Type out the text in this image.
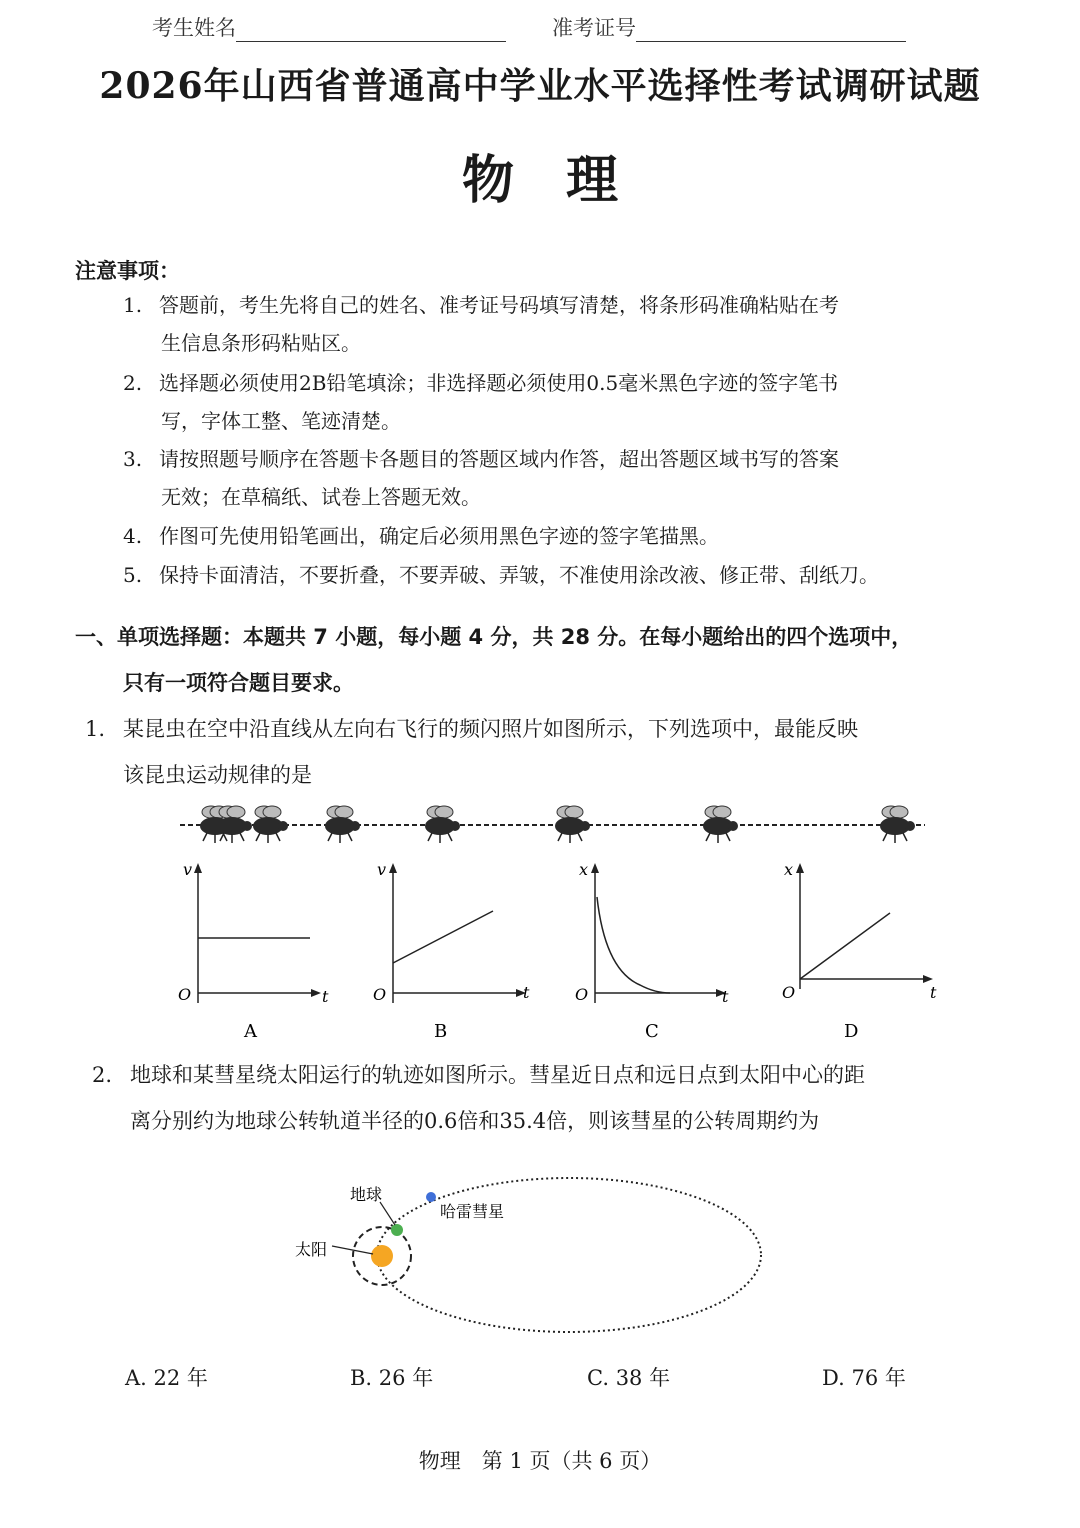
考生姓名	准考证号
2026年山西省普通高中学业水平选择性考试调研试题
物　理
注意事项：
1. 答题前，考生先将自己的姓名、准考证号码填写清楚，将条形码准确粘贴在考
生信息条形码粘贴区。
2. 选择题必须使用2B铅笔填涂；非选择题必须使用0.5毫米黑色字迹的签字笔书
写，字体工整、笔迹清楚。
3. 请按照题号顺序在答题卡各题目的答题区域内作答，超出答题区域书写的答案
无效；在草稿纸、试卷上答题无效。
4. 作图可先使用铅笔画出，确定后必须用黑色字迹的签字笔描黑。
5. 保持卡面清洁，不要折叠，不要弄破、弄皱，不准使用涂改液、修正带、刮纸刀。
一、单项选择题：本题共 7 小题，每小题 4 分，共 28 分。在每小题给出的四个选项中，
只有一项符合题目要求。
1. 某昆虫在空中沿直线从左向右飞行的频闪照片如图所示，下列选项中，最能反映
该昆虫运动规律的是
v
t
O
A
v
t
O
B
x
t
O
C
x
t
O
D
2. 地球和某彗星绕太阳运行的轨迹如图所示。彗星近日点和远日点到太阳中心的距
离分别约为地球公转轨道半径的0.6倍和35.4倍，则该彗星的公转周期约为
地球
哈雷彗星
太阳
A. 22 年	B. 26 年	C. 38 年	D. 76 年
物理　第 1 页（共 6 页）
